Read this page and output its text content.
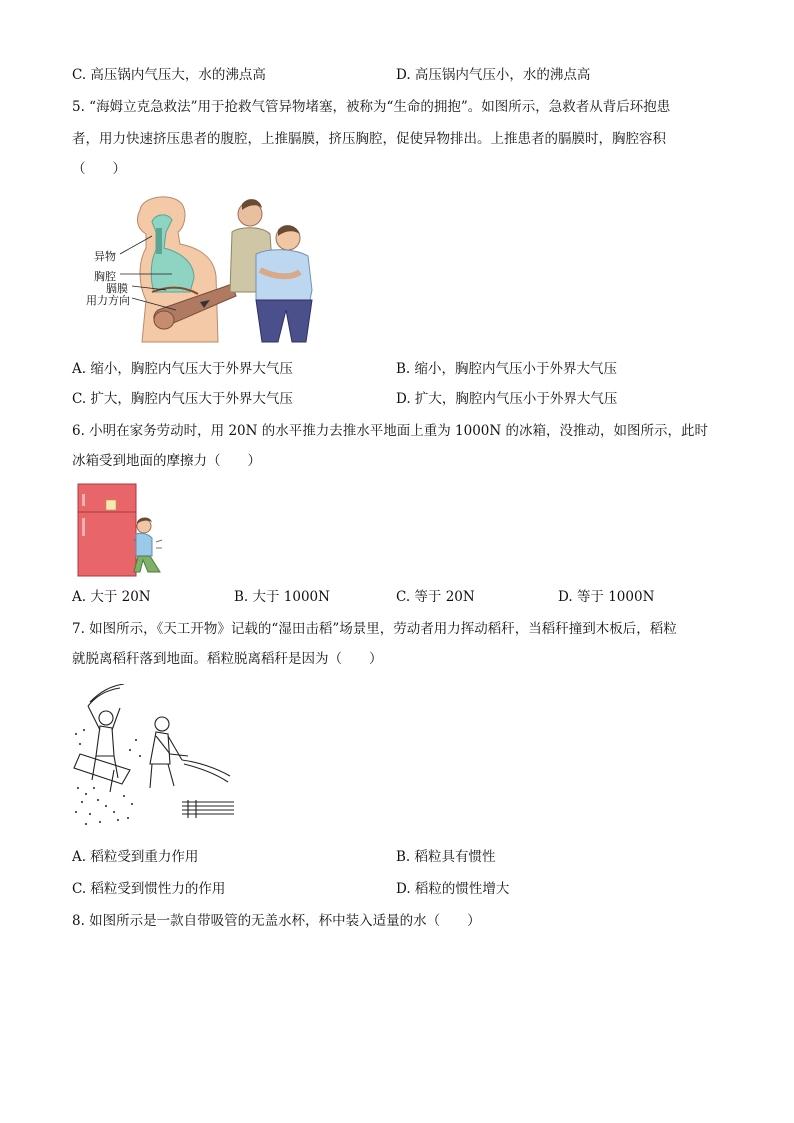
C. 高压锅内气压大，水的沸点高	D. 高压锅内气压小，水的沸点高
5. “海姆立克急救法”用于抢救气管异物堵塞，被称为“生命的拥抱”。如图所示，急救者从背后环抱患
者，用力快速挤压患者的腹腔，上推膈膜，挤压胸腔，促使异物排出。上推患者的膈膜时，胸腔容积
（　　）
异物
胸腔
膈膜
用力方向
A. 缩小，胸腔内气压大于外界大气压	B. 缩小，胸腔内气压小于外界大气压
C. 扩大，胸腔内气压大于外界大气压	D. 扩大，胸腔内气压小于外界大气压
6. 小明在家务劳动时，用 20N 的水平推力去推水平地面上重为 1000N 的冰箱，没推动，如图所示，此时
冰箱受到地面的摩擦力（　　）
A. 大于 20N	B. 大于 1000N	C. 等于 20N	D. 等于 1000N
7. 如图所示，《天工开物》记载的“湿田击稻”场景里，劳动者用力挥动稻秆，当稻秆撞到木板后，稻粒
就脱离稻秆落到地面。稻粒脱离稻秆是因为（　　）
A. 稻粒受到重力作用	B. 稻粒具有惯性
C. 稻粒受到惯性力的作用	D. 稻粒的惯性增大
8. 如图所示是一款自带吸管的无盖水杯，杯中装入适量的水（　　）
